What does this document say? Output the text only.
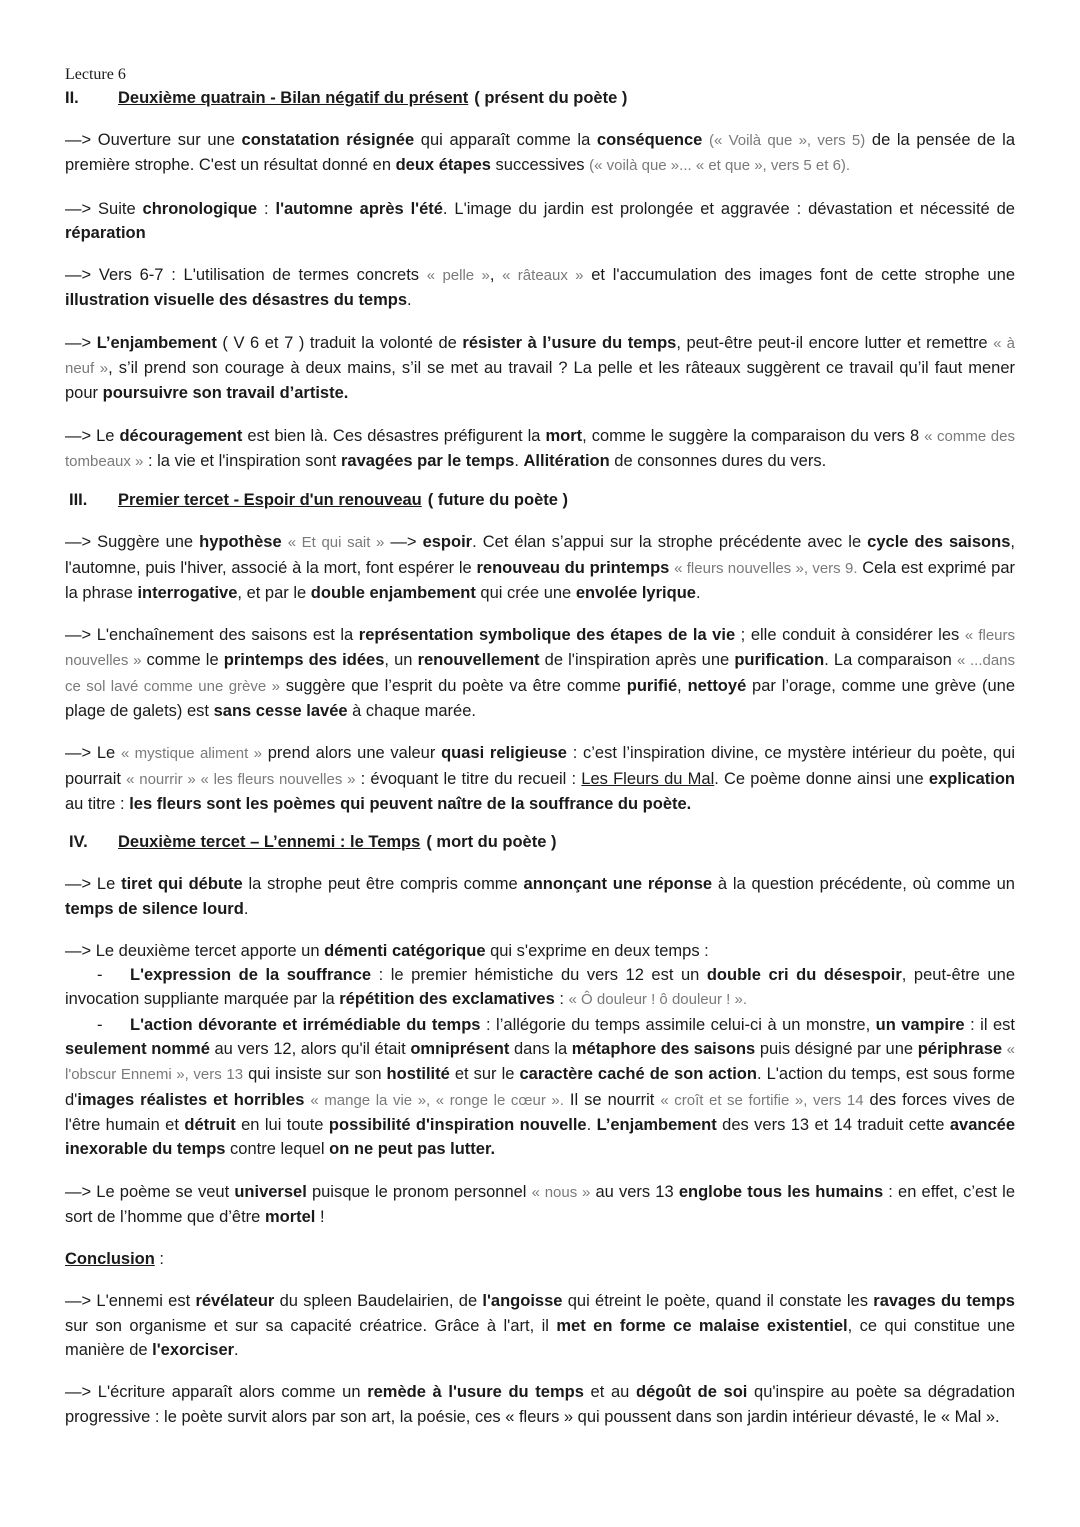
Lecture 6
II.	Deuxième quatrain - Bilan négatif du présent ( présent du poète )

—> Ouverture sur une constatation résignée qui apparaît comme la conséquence (« Voilà que », vers 5) de la pensée de la première strophe. C'est un résultat donné en deux étapes successives (« voilà que »... « et que », vers 5 et 6).

—> Suite chronologique : l'automne après l'été. L'image du jardin est prolongée et aggravée : dévastation et nécessité de réparation

—> Vers 6-7 : L'utilisation de termes concrets « pelle », « râteaux » et l'accumulation des images font de cette strophe une illustration visuelle des désastres du temps.

—> L’enjambement ( V 6 et 7 ) traduit la volonté de résister à l’usure du temps, peut-être peut-il encore lutter et remettre « à neuf », s’il prend son courage à deux mains, s’il se met au travail ? La pelle et les râteaux suggèrent ce travail qu’il faut mener pour poursuivre son travail d’artiste.

—> Le découragement est bien là. Ces désastres préfigurent la mort, comme le suggère la comparaison du vers 8 « comme des tombeaux » : la vie et l'inspiration sont ravagées par le temps. Allitération de consonnes dures du vers.

III.	Premier tercet - Espoir d'un renouveau ( future du poète )

—> Suggère une hypothèse « Et qui sait » —> espoir. Cet élan s’appui sur la strophe précédente avec le cycle des saisons, l'automne, puis l'hiver, associé à la mort, font espérer le renouveau du printemps « fleurs nouvelles », vers 9. Cela est exprimé par la phrase interrogative, et par le double enjambement qui crée une envolée lyrique.

—> L'enchaînement des saisons est la représentation symbolique des étapes de la vie ; elle conduit à considérer les « fleurs nouvelles » comme le printemps des idées, un renouvellement de l'inspiration après une purification. La comparaison « ...dans ce sol lavé comme une grève » suggère que l’esprit du poète va être comme purifié, nettoyé par l’orage, comme une grève (une plage de galets) est sans cesse lavée à chaque marée.

—> Le « mystique aliment » prend alors une valeur quasi religieuse : c’est l’inspiration divine, ce mystère intérieur du poète, qui pourrait « nourrir » « les fleurs nouvelles » : évoquant le titre du recueil : Les Fleurs du Mal. Ce poème donne ainsi une explication au titre : les fleurs sont les poèmes qui peuvent naître de la souffrance du poète.

IV.	Deuxième tercet – L’ennemi : le Temps ( mort du poète )

—> Le tiret qui débute la strophe peut être compris comme annonçant une réponse à la question précédente, où comme un temps de silence lourd.

—> Le deuxième tercet apporte un démenti catégorique qui s'exprime en deux temps :

- L'expression de la souffrance : le premier hémistiche du vers 12 est un double cri du désespoir, peut-être une invocation suppliante marquée par la répétition des exclamatives : « Ô douleur ! ô douleur ! ».

- L'action dévorante et irrémédiable du temps : l’allégorie du temps assimile celui-ci à un monstre, un vampire : il est seulement nommé au vers 12, alors qu'il était omniprésent dans la métaphore des saisons puis désigné par une périphrase « l'obscur Ennemi », vers 13 qui insiste sur son hostilité et sur le caractère caché de son action. L'action du temps, est sous forme d'images réalistes et horribles « mange la vie », « ronge le cœur ». Il se nourrit « croît et se fortifie », vers 14 des forces vives de l'être humain et détruit en lui toute possibilité d'inspiration nouvelle. L’enjambement des vers 13 et 14 traduit cette avancée inexorable du temps contre lequel on ne peut pas lutter.

—> Le poème se veut universel puisque le pronom personnel « nous » au vers 13 englobe tous les humains : en effet, c’est le sort de l’homme que d’être mortel !

Conclusion :

—> L'ennemi est révélateur du spleen Baudelairien, de l'angoisse qui étreint le poète, quand il constate les ravages du temps sur son organisme et sur sa capacité créatrice. Grâce à l'art, il met en forme ce malaise existentiel, ce qui constitue une manière de l'exorciser.

—> L'écriture apparaît alors comme un remède à l'usure du temps et au dégoût de soi qu'inspire au poète sa dégradation progressive : le poète survit alors par son art, la poésie, ces « fleurs » qui poussent dans son jardin intérieur dévasté, le « Mal ».
